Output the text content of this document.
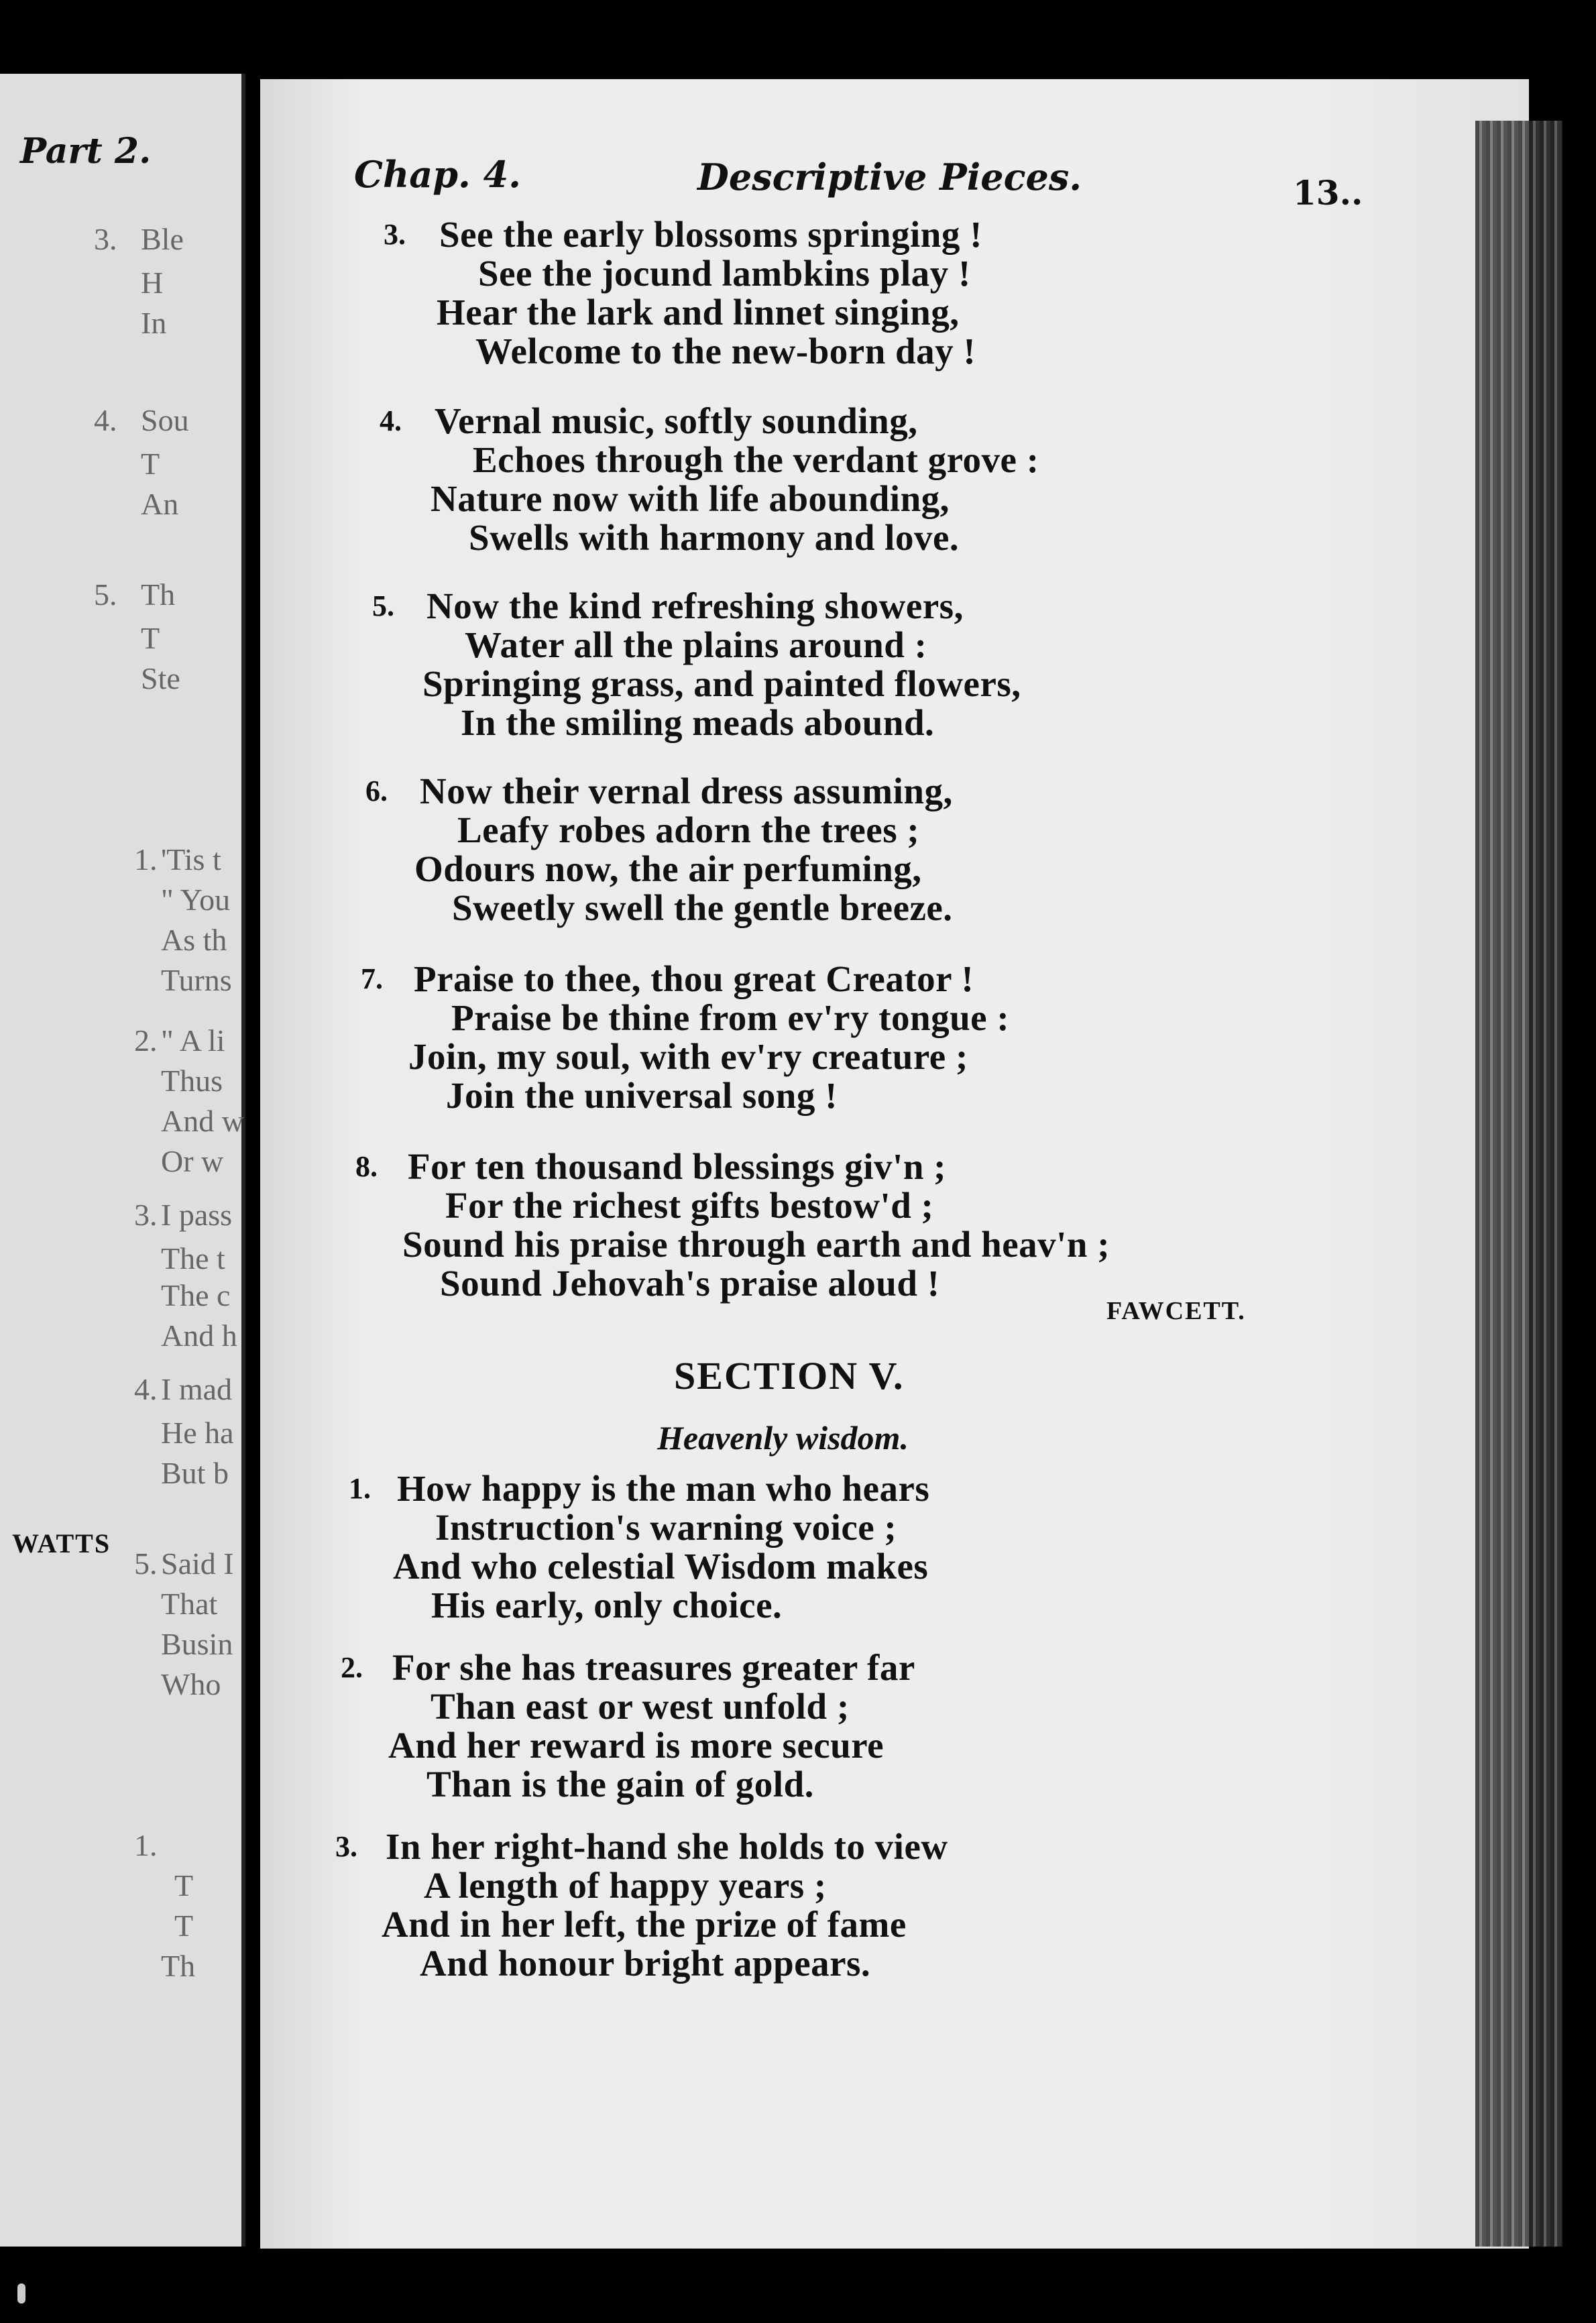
Part 2.
WATTS
3. Ble
H
In
4. Sou
T
An
5. Th
T
Ste
1. 'Tis t
" You
As th
Turns
2. " A li
Thus
And w
Or w
3. I pass
The t
The c
And h
4. I mad
He ha
But b
5. Said I
That
Busin
Who
1.
T
T
Th
Chap. 4.	Descriptive Pieces.	13..
3. See the early blossoms springing !
See the jocund lambkins play !
Hear the lark and linnet singing,
Welcome to the new-born day !
4. Vernal music, softly sounding,
Echoes through the verdant grove :
Nature now with life abounding,
Swells with harmony and love.
5. Now the kind refreshing showers,
Water all the plains around :
Springing grass, and painted flowers,
In the smiling meads abound.
6. Now their vernal dress assuming,
Leafy robes adorn the trees ;
Odours now, the air perfuming,
Sweetly swell the gentle breeze.
7. Praise to thee, thou great Creator !
Praise be thine from ev'ry tongue :
Join, my soul, with ev'ry creature ;
Join the universal song !
8. For ten thousand blessings giv'n ;
For the richest gifts bestow'd ;
Sound his praise through earth and heav'n ;
Sound Jehovah's praise aloud !
FAWCETT.
SECTION V.
Heavenly wisdom.
1. How happy is the man who hears
Instruction's warning voice ;
And who celestial Wisdom makes
His early, only choice.
2. For she has treasures greater far
Than east or west unfold ;
And her reward is more secure
Than is the gain of gold.
3. In her right-hand she holds to view
A length of happy years ;
And in her left, the prize of fame
And honour bright appears.
